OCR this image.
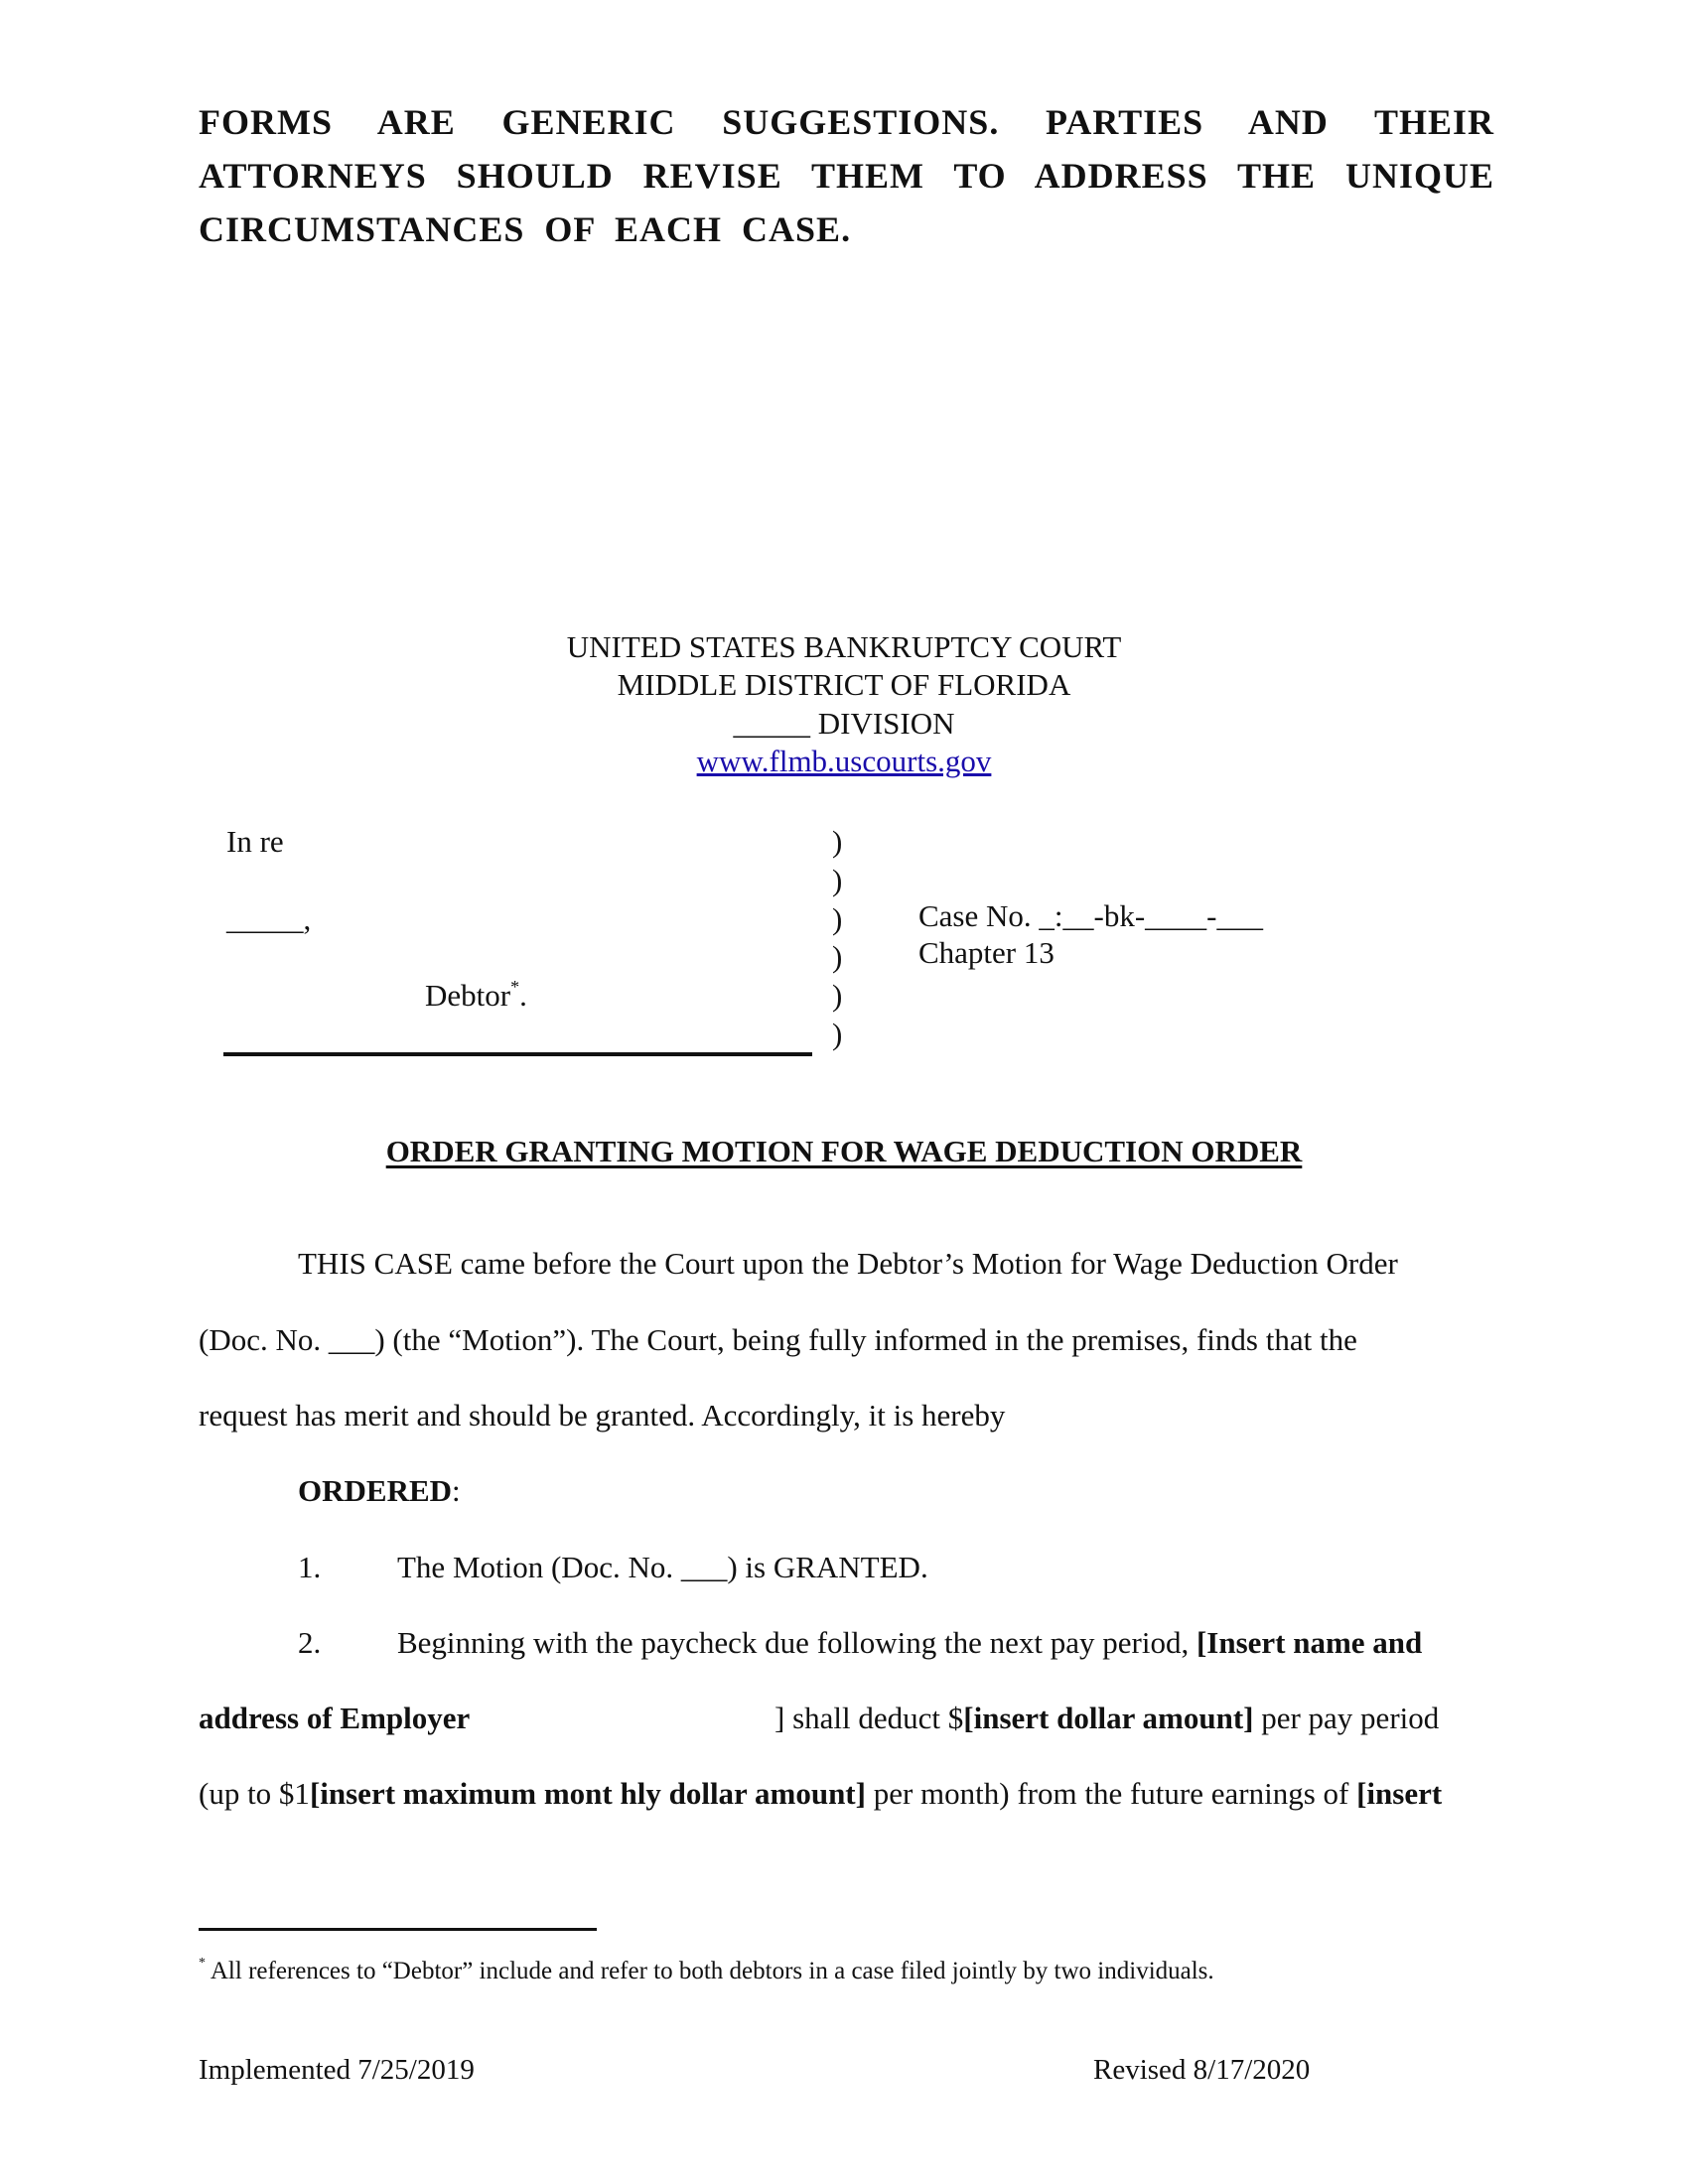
FORMS ARE GENERIC SUGGESTIONS. PARTIES AND THEIR
ATTORNEYS SHOULD REVISE THEM TO ADDRESS THE UNIQUE
CIRCUMSTANCES OF EACH CASE.
UNITED STATES BANKRUPTCY COURT
MIDDLE DISTRICT OF FLORIDA
_____ DIVISION
www.flmb.uscourts.gov
In re
_____,
Debtor*.
)
)
)
)
)
)
Case No. _:__-bk-____-___
Chapter 13
ORDER GRANTING MOTION FOR WAGE DEDUCTION ORDER
THIS CASE came before the Court upon the Debtor’s Motion for Wage Deduction Order
(Doc. No. ___) (the “Motion”). The Court, being fully informed in the premises, finds that the
request has merit and should be granted. Accordingly, it is hereby
ORDERED:
1. The Motion (Doc. No. ___) is GRANTED.
2. Beginning with the paycheck due following the next pay period, [Insert name and
address of Employer	] shall deduct $[insert dollar amount] per pay period
(up to $1[insert maximum mont hly dollar amount] per month) from the future earnings of [insert
* All references to “Debtor” include and refer to both debtors in a case filed jointly by two individuals.
Implemented 7/25/2019	Revised 8/17/2020
